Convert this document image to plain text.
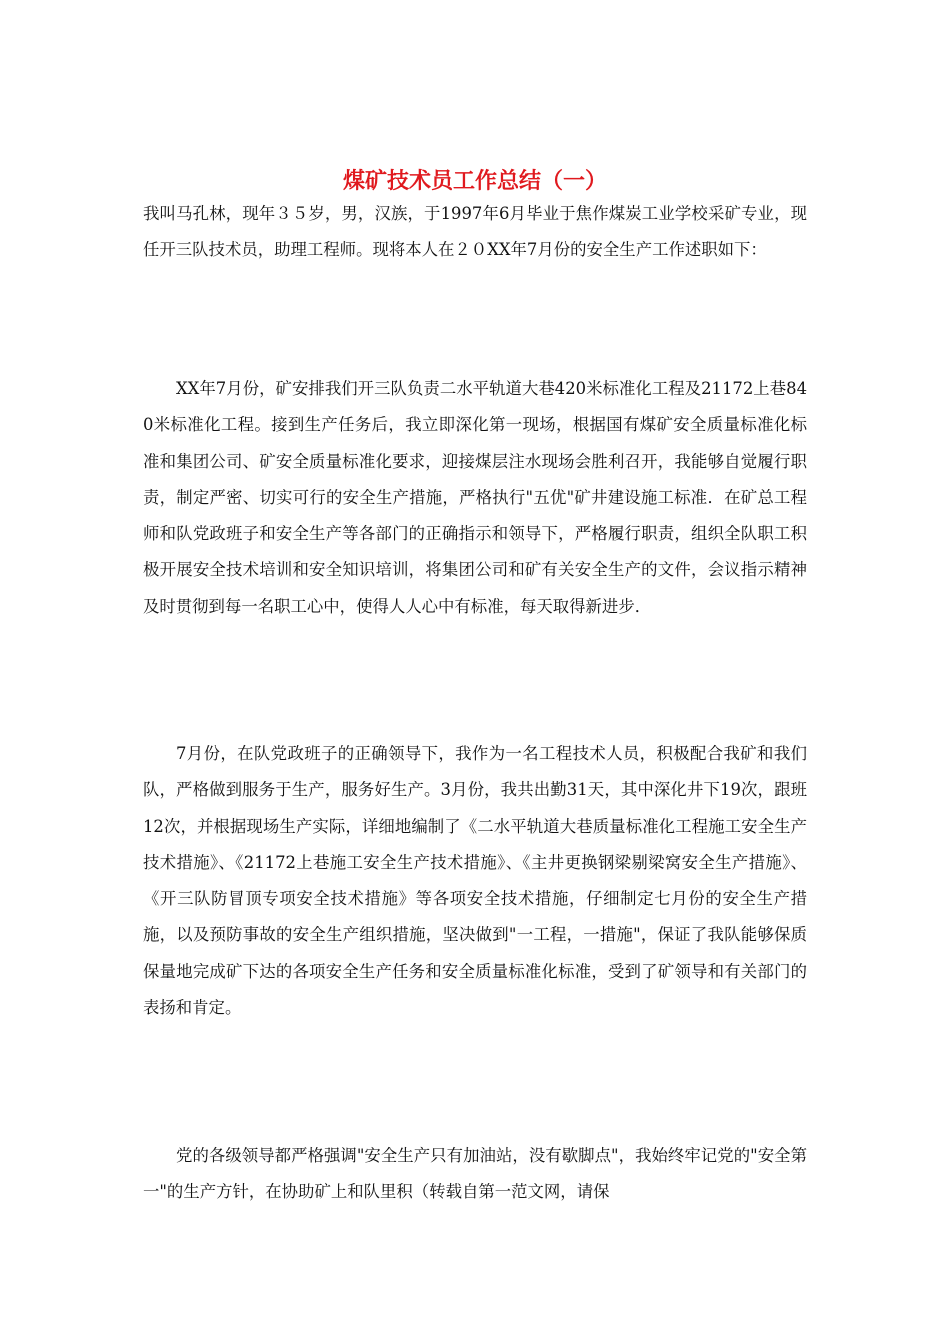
煤矿技术员工作总结（一）

我叫马孔林，现年３５岁，男，汉族，于1997年6月毕业于焦作煤炭工业学校采矿专业，现任开三队技术员，助理工程师。现将本人在２０XX年7月份的安全生产工作述职如下：

XX年7月份，矿安排我们开三队负责二水平轨道大巷420米标准化工程及21172上巷840米标准化工程。接到生产任务后，我立即深化第一现场，根据国有煤矿安全质量标准化标准和集团公司、矿安全质量标准化要求，迎接煤层注水现场会胜利召开，我能够自觉履行职责，制定严密、切实可行的安全生产措施，严格执行"五优"矿井建设施工标准．在矿总工程师和队党政班子和安全生产等各部门的正确指示和领导下，严格履行职责，组织全队职工积极开展安全技术培训和安全知识培训，将集团公司和矿有关安全生产的文件，会议指示精神及时贯彻到每一名职工心中，使得人人心中有标准，每天取得新进步．

7月份，在队党政班子的正确领导下，我作为一名工程技术人员，积极配合我矿和我们队，严格做到服务于生产，服务好生产。3月份，我共出勤31天，其中深化井下19次，跟班12次，并根据现场生产实际，详细地编制了《二水平轨道大巷质量标准化工程施工安全生产技术措施》、《21172上巷施工安全生产技术措施》、《主井更换钢梁剔梁窝安全生产措施》、《开三队防冒顶专项安全技术措施》等各项安全技术措施，仔细制定七月份的安全生产措施，以及预防事故的安全生产组织措施，坚决做到"一工程，一措施"，保证了我队能够保质保量地完成矿下达的各项安全生产任务和安全质量标准化标准，受到了矿领导和有关部门的表扬和肯定。

党的各级领导都严格强调"安全生产只有加油站，没有歇脚点"，我始终牢记党的"安全第一"的生产方针，在协助矿上和队里积（转载自第一范文网，请保
